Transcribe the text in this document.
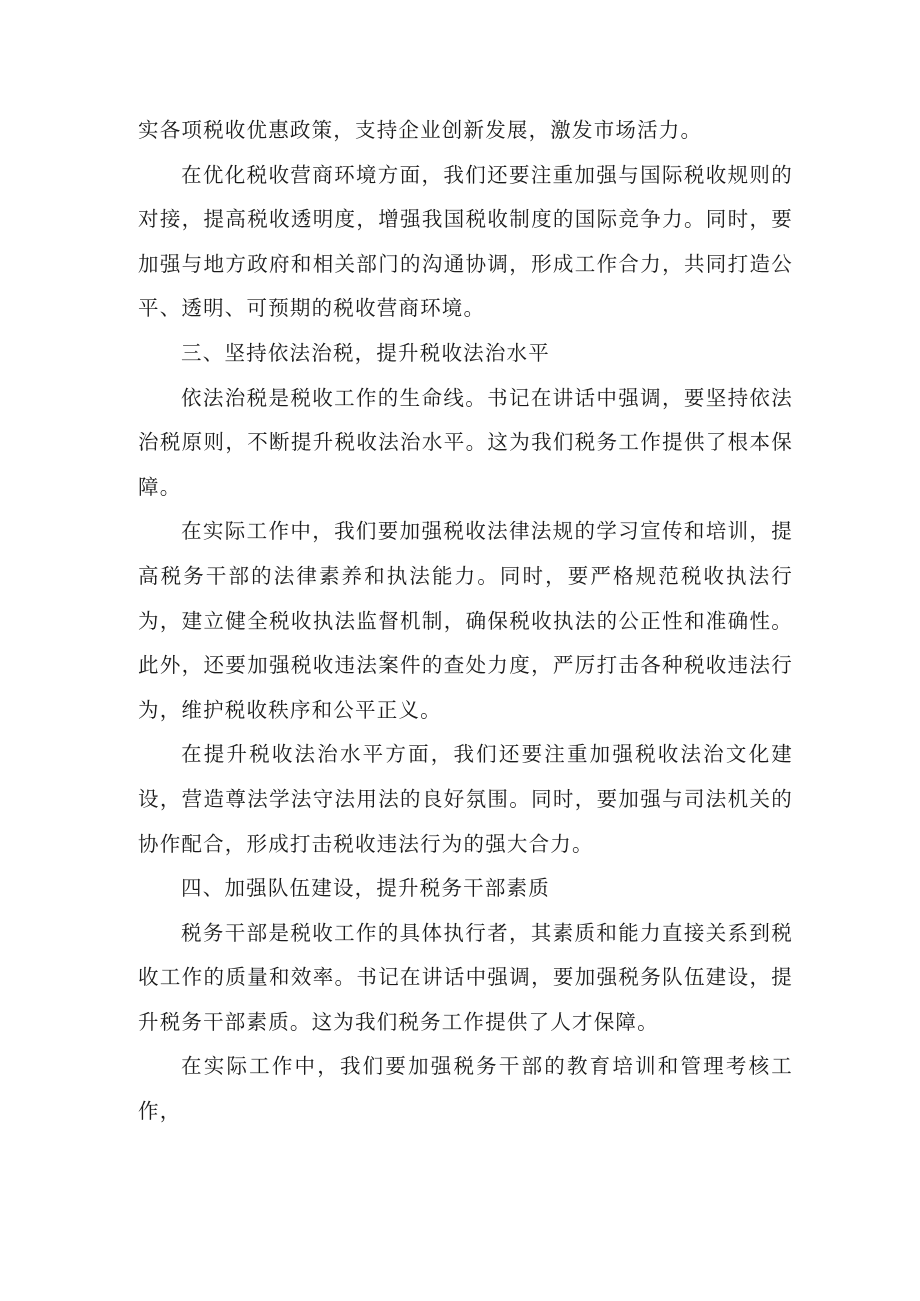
实各项税收优惠政策，支持企业创新发展，激发市场活力。

在优化税收营商环境方面，我们还要注重加强与国际税收规则的对接，提高税收透明度，增强我国税收制度的国际竞争力。同时，要加强与地方政府和相关部门的沟通协调，形成工作合力，共同打造公平、透明、可预期的税收营商环境。

三、坚持依法治税，提升税收法治水平

依法治税是税收工作的生命线。书记在讲话中强调，要坚持依法治税原则，不断提升税收法治水平。这为我们税务工作提供了根本保障。

在实际工作中，我们要加强税收法律法规的学习宣传和培训，提高税务干部的法律素养和执法能力。同时，要严格规范税收执法行为，建立健全税收执法监督机制，确保税收执法的公正性和准确性。此外，还要加强税收违法案件的查处力度，严厉打击各种税收违法行为，维护税收秩序和公平正义。

在提升税收法治水平方面，我们还要注重加强税收法治文化建设，营造尊法学法守法用法的良好氛围。同时，要加强与司法机关的协作配合，形成打击税收违法行为的强大合力。

四、加强队伍建设，提升税务干部素质

税务干部是税收工作的具体执行者，其素质和能力直接关系到税收工作的质量和效率。书记在讲话中强调，要加强税务队伍建设，提升税务干部素质。这为我们税务工作提供了人才保障。

在实际工作中，我们要加强税务干部的教育培训和管理考核工作，
